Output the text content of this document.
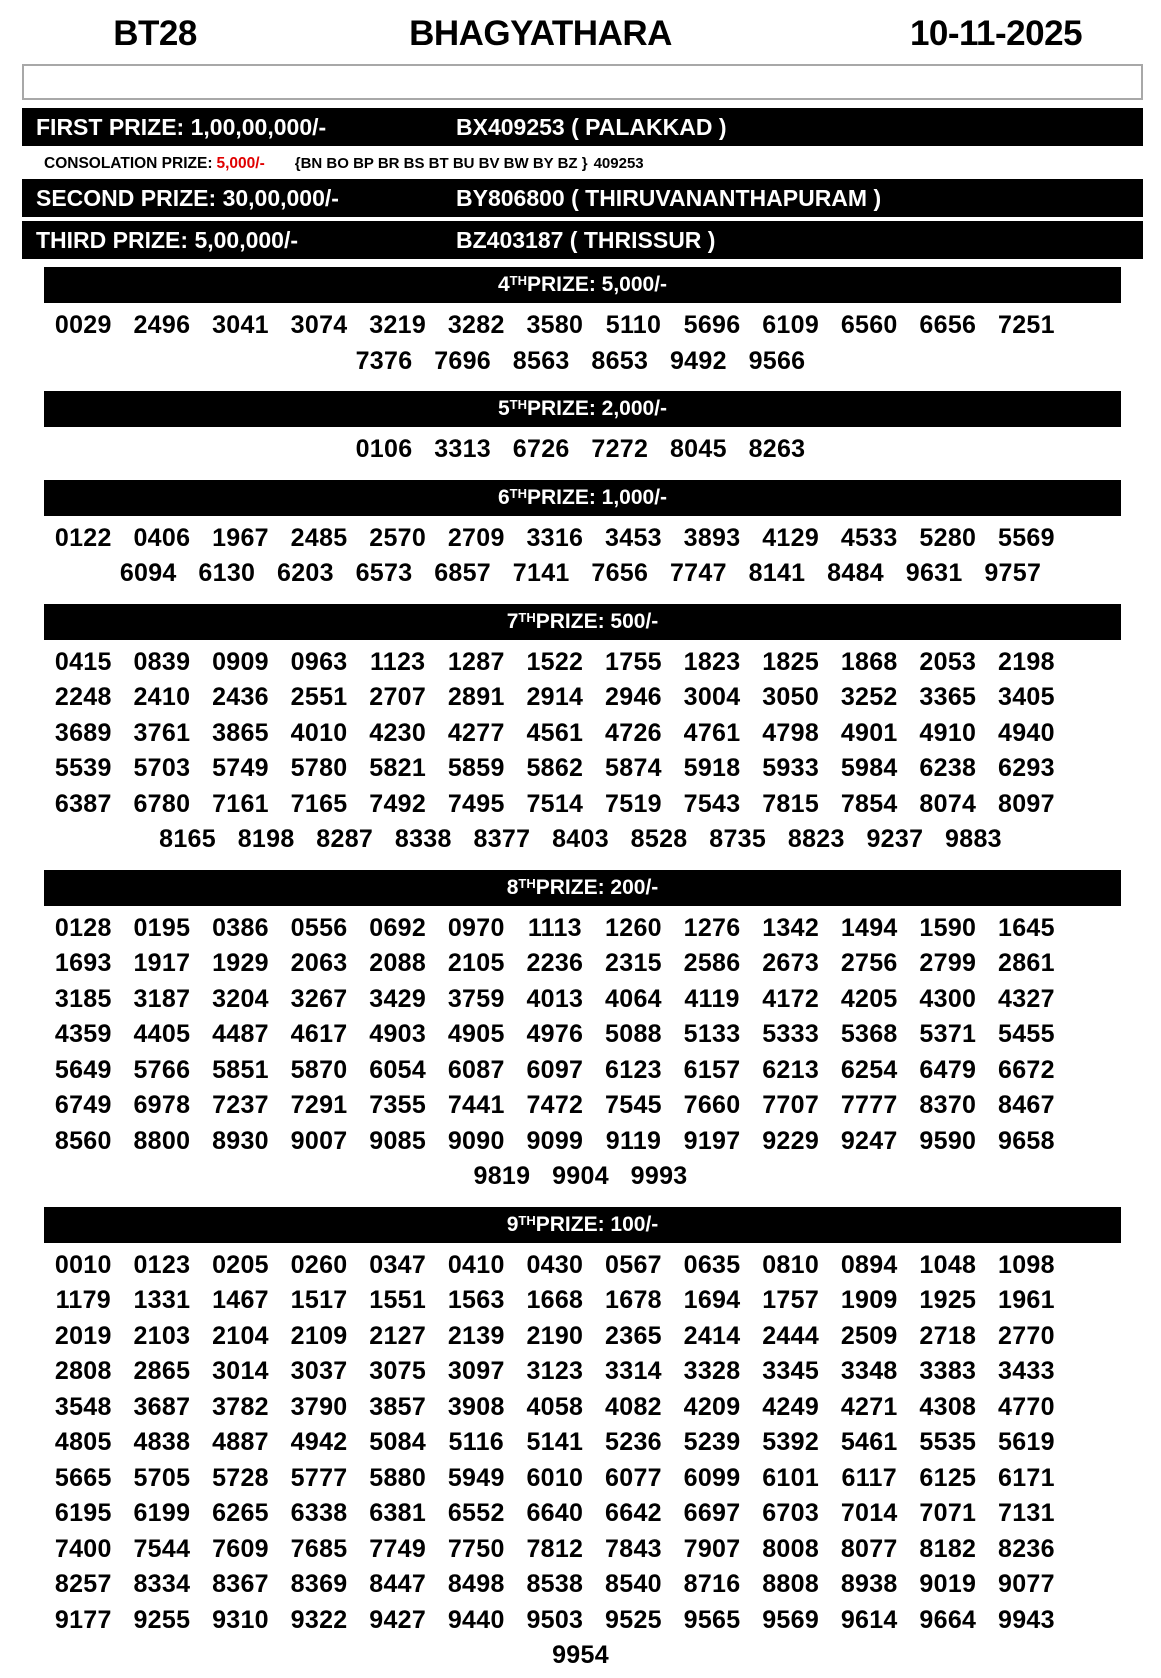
BT28	BHAGYATHARA	10-11-2025
FIRST PRIZE: 1,00,00,000/-	BX409253 ( PALAKKAD )
CONSOLATION PRIZE: 5,000/- {BN BO BP BR BS BT BU BV BW BY BZ } 409253
SECOND PRIZE: 30,00,000/-	BY806800 ( THIRUVANANTHAPURAM )
THIRD PRIZE: 5,00,000/-	BZ403187 ( THRISSUR )
4 TH PRIZE: 5,000/-
0029 2496 3041 3074 3219 3282 3580 5110 5696 6109 6560 6656 7251
7376 7696 8563 8653 9492 9566
5 TH PRIZE: 2,000/-
0106 3313 6726 7272 8045 8263
6 TH PRIZE: 1,000/-
0122 0406 1967 2485 2570 2709 3316 3453 3893 4129 4533 5280 5569
6094 6130 6203 6573 6857 7141 7656 7747 8141 8484 9631 9757
7 TH PRIZE: 500/-
0415 0839 0909 0963 1123 1287 1522 1755 1823 1825 1868 2053 2198
2248 2410 2436 2551 2707 2891 2914 2946 3004 3050 3252 3365 3405
3689 3761 3865 4010 4230 4277 4561 4726 4761 4798 4901 4910 4940
5539 5703 5749 5780 5821 5859 5862 5874 5918 5933 5984 6238 6293
6387 6780 7161 7165 7492 7495 7514 7519 7543 7815 7854 8074 8097
8165 8198 8287 8338 8377 8403 8528 8735 8823 9237 9883
8 TH PRIZE: 200/-
0128 0195 0386 0556 0692 0970 1113 1260 1276 1342 1494 1590 1645
1693 1917 1929 2063 2088 2105 2236 2315 2586 2673 2756 2799 2861
3185 3187 3204 3267 3429 3759 4013 4064 4119 4172 4205 4300 4327
4359 4405 4487 4617 4903 4905 4976 5088 5133 5333 5368 5371 5455
5649 5766 5851 5870 6054 6087 6097 6123 6157 6213 6254 6479 6672
6749 6978 7237 7291 7355 7441 7472 7545 7660 7707 7777 8370 8467
8560 8800 8930 9007 9085 9090 9099 9119 9197 9229 9247 9590 9658
9819 9904 9993
9 TH PRIZE: 100/-
0010 0123 0205 0260 0347 0410 0430 0567 0635 0810 0894 1048 1098
1179 1331 1467 1517 1551 1563 1668 1678 1694 1757 1909 1925 1961
2019 2103 2104 2109 2127 2139 2190 2365 2414 2444 2509 2718 2770
2808 2865 3014 3037 3075 3097 3123 3314 3328 3345 3348 3383 3433
3548 3687 3782 3790 3857 3908 4058 4082 4209 4249 4271 4308 4770
4805 4838 4887 4942 5084 5116 5141 5236 5239 5392 5461 5535 5619
5665 5705 5728 5777 5880 5949 6010 6077 6099 6101 6117 6125 6171
6195 6199 6265 6338 6381 6552 6640 6642 6697 6703 7014 7071 7131
7400 7544 7609 7685 7749 7750 7812 7843 7907 8008 8077 8182 8236
8257 8334 8367 8369 8447 8498 8538 8540 8716 8808 8938 9019 9077
9177 9255 9310 9322 9427 9440 9503 9525 9565 9569 9614 9664 9943
9954
